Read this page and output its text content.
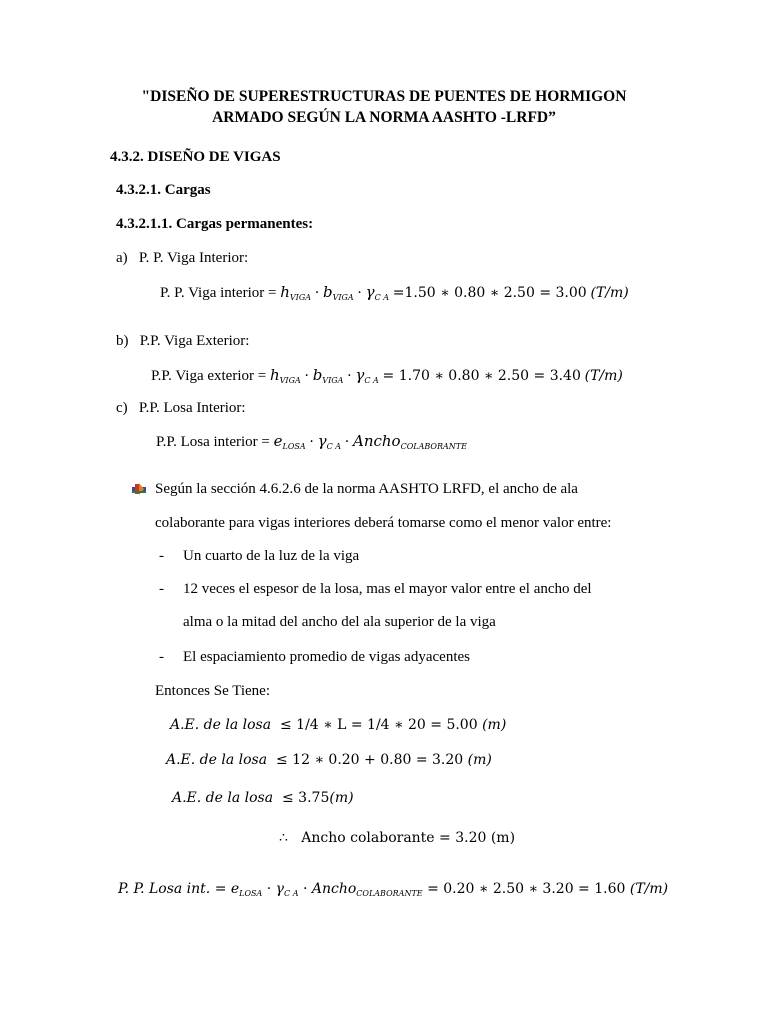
"DISEÑO DE SUPERESTRUCTURAS DE PUENTES DE HORMIGON
ARMADO SEGÚN LA NORMA AASHTO -LRFD”
4.3.2. DISEÑO DE VIGAS
4.3.2.1. Cargas
4.3.2.1.1. Cargas permanentes:
a) P. P. Viga Interior:
P. P. Viga interior = $h_{VIGA} \cdot b_{VIGA} \cdot \gamma_{C A} =1.50$ ∗ 0.80 ∗ 2.50 = 3.00 (T/m)
b) P.P. Viga Exterior:
P.P. Viga exterior = $h_{VIGA} \cdot b_{VIGA} \cdot \gamma_{C A} = 1.70$ ∗ 0.80 ∗ 2.50 = 3.40 (T/m)
c) P.P. Losa Interior:
P.P. Losa interior = $e_{LOSA} \cdot \gamma_{C A}$ · Ancho$_{COLABORANTE}$
Según la sección 4.6.2.6 de la norma AASHTO LRFD, el ancho de ala
colaborante para vigas interiores deberá tomarse como el menor valor entre:
- Un cuarto de la luz de la viga
- 12 veces el espesor de la losa, mas el mayor valor entre el ancho del
alma o la mitad del ancho del ala superior de la viga
- El espaciamiento promedio de vigas adyacentes
Entonces Se Tiene:
A.E. de la losa ≤ 1/4 ∗ L = 1/4 ∗ 20 = 5.00 (m)
A.E. de la losa ≤ 12 ∗ 0.20 + 0.80 = 3.20 (m)
A.E. de la losa ≤ 3.75(m)
∴ Ancho colaborante = 3.20 (m)
P. P. Losa int. = $e_{LOSA} \cdot \gamma_{C A}$ · Ancho$_{COLABORANTE}$ = 0.20 ∗ 2.50 ∗ 3.20 = 1.60 (T/m)
